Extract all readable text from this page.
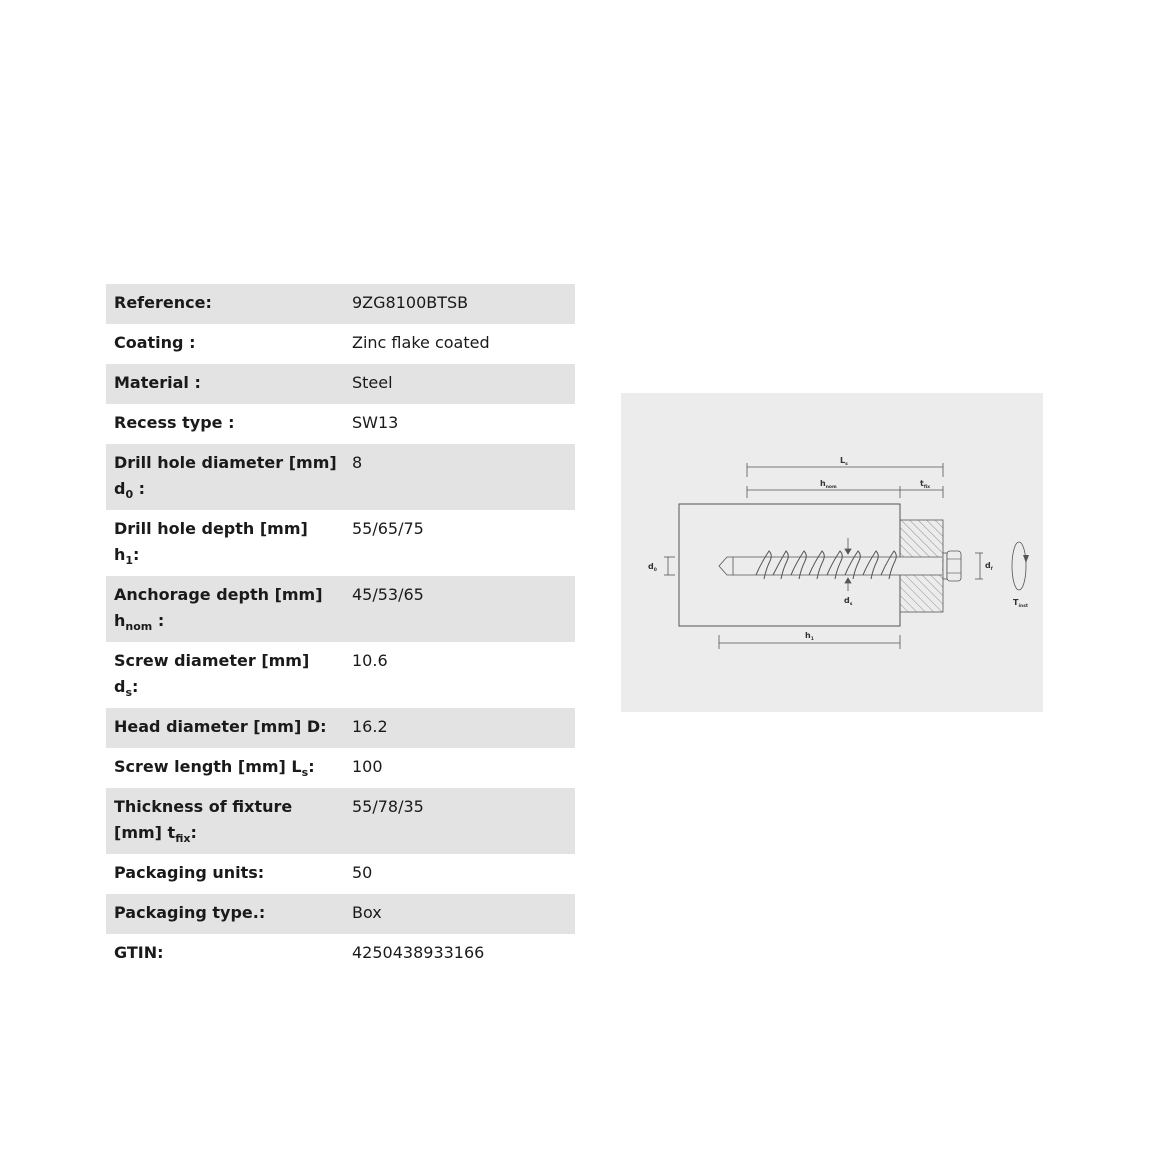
Reference:	9ZG8100BTSB
Coating :	Zinc flake coated
Material :	Steel
Recess type :	SW13
Drill hole diameter [mm] $d_0$ :	8
Drill hole depth [mm] $h_1$:	55/65/75
Anchorage depth [mm] $h_{nom}$ :	45/53/65
Screw diameter [mm] $d_s$:	10.6
Head diameter [mm] D:	16.2
Screw length [mm] $L_s$:	100
Thickness of fixture [mm] $t_{fix}$:	55/78/35
Packaging units:	50
Packaging type.:	Box
GTIN:	4250438933166
$L_s$
$h_{nom}$	$t_{fix}$
$d_0$
$d_s$
$d_f$
$T_{inst}$
$h_1$
